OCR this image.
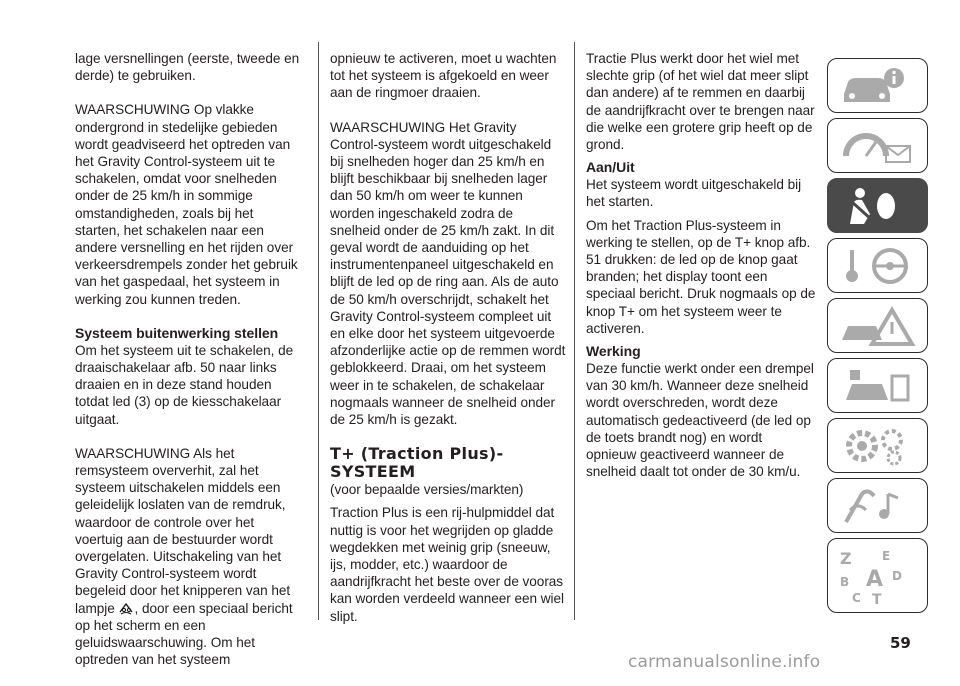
lage versnellingen (eerste, tweede en derde) te gebruiken.

WAARSCHUWING Op vlakke ondergrond in stedelijke gebieden wordt geadviseerd het optreden van het Gravity Control-systeem uit te schakelen, omdat voor snelheden onder de 25 km/h in sommige omstandigheden, zoals bij het starten, het schakelen naar een andere versnelling en het rijden over verkeersdrempels zonder het gebruik van het gaspedaal, het systeem in werking zou kunnen treden.

Systeem buitenwerking stellen

Om het systeem uit te schakelen, de draaischakelaar afb. 50 naar links draaien en in deze stand houden totdat led (3) op de kiesschakelaar uitgaat.

WAARSCHUWING Als het remsysteem oververhit, zal het systeem uitschakelen middels een geleidelijk loslaten van de remdruk, waardoor de controle over het voertuig aan de bestuurder wordt overgelaten. Uitschakeling van het Gravity Control-systeem wordt begeleid door het knipperen van het lampje , door een speciaal bericht op het scherm en een geluidswaarschuwing. Om het optreden van het systeem

opnieuw te activeren, moet u wachten tot het systeem is afgekoeld en weer aan de ringmoer draaien.

WAARSCHUWING Het Gravity Control-systeem wordt uitgeschakeld bij snelheden hoger dan 25 km/h en blijft beschikbaar bij snelheden lager dan 50 km/h om weer te kunnen worden ingeschakeld zodra de snelheid onder de 25 km/h zakt. In dit geval wordt de aanduiding op het instrumentenpaneel uitgeschakeld en blijft de led op de ring aan. Als de auto de 50 km/h overschrijdt, schakelt het Gravity Control-systeem compleet uit en elke door het systeem uitgevoerde afzonderlijke actie op de remmen wordt geblokkeerd. Draai, om het systeem weer in te schakelen, de schakelaar nogmaals wanneer de snelheid onder de 25 km/h is gezakt.

T+ (Traction Plus)-SYSTEEM

(voor bepaalde versies/markten)

Traction Plus is een rij-hulpmiddel dat nuttig is voor het wegrijden op gladde wegdekken met weinig grip (sneeuw, ijs, modder, etc.) waardoor de aandrijfkracht het beste over de vooras kan worden verdeeld wanneer een wiel slipt.

Tractie Plus werkt door het wiel met slechte grip (of het wiel dat meer slipt dan andere) af te remmen en daarbij de aandrijfkracht over te brengen naar die welke een grotere grip heeft op de grond.

Aan/Uit

Het systeem wordt uitgeschakeld bij het starten.

Om het Traction Plus-systeem in werking te stellen, op de T+ knop afb. 51 drukken: de led op de knop gaat branden; het display toont een speciaal bericht. Druk nogmaals op de knop T+ om het systeem weer te activeren.

Werking

Deze functie werkt onder een drempel van 30 km/h. Wanneer deze snelheid wordt overschreden, wordt deze automatisch gedeactiveerd (de led op de toets brandt nog) en wordt opnieuw geactiveerd wanneer de snelheid daalt tot onder de 30 km/u.

Z	E
B A D
C T
59
carmanualsonline.info
